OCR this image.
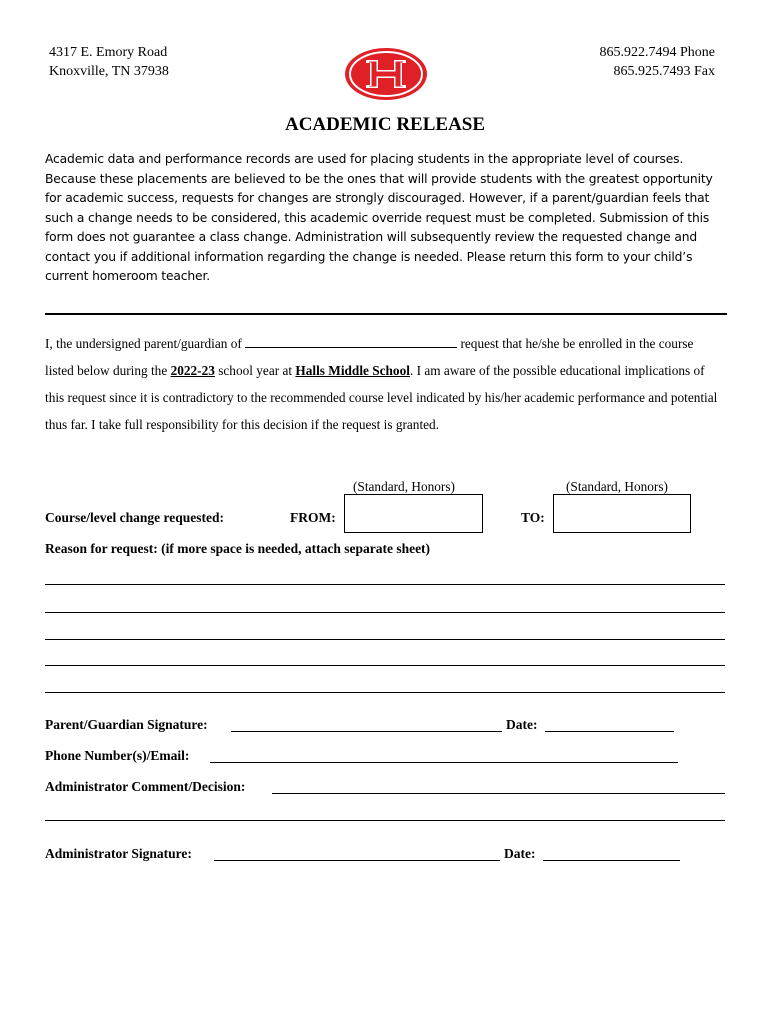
4317 E. Emory Road
Knoxville, TN 37938
865.922.7494 Phone
865.925.7493 Fax
ACADEMIC RELEASE
Academic data and performance records are used for placing students in the appropriate level of courses. Because these placements are believed to be the ones that will provide students with the greatest opportunity for academic success, requests for changes are strongly discouraged. However, if a parent/guardian feels that such a change needs to be considered, this academic override request must be completed. Submission of this form does not guarantee a class change. Administration will subsequently review the requested change and contact you if additional information regarding the change is needed. Please return this form to your child’s current homeroom teacher.
I, the undersigned parent/guardian of	request that he/she be enrolled in the course listed below during the 2022-23 school year at Halls Middle School. I am aware of the possible educational implications of this request since it is contradictory to the recommended course level indicated by his/her academic performance and potential thus far. I take full responsibility for this decision if the request is granted.
(Standard, Honors)	(Standard, Honors)
Course/level change requested:	FROM:	TO:
Reason for request: (if more space is needed, attach separate sheet)
Parent/Guardian Signature:	Date:
Phone Number(s)/Email:
Administrator Comment/Decision:
Administrator Signature:	Date:
